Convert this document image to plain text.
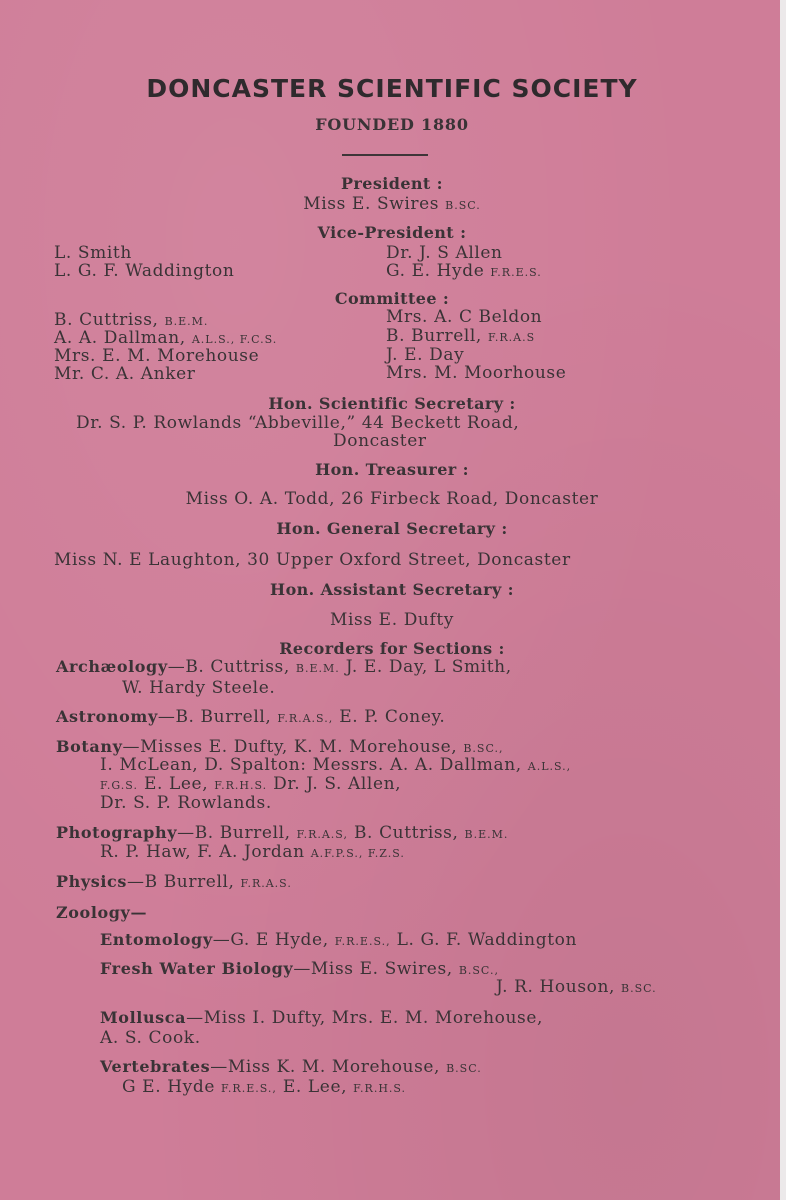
DONCASTER SCIENTIFIC SOCIETY
FOUNDED 1880
President :
Miss E. Swires B.SC.
Vice-President :
L. Smith
L. G. F. Waddington
Dr. J. S Allen
G. E. Hyde F.R.E.S.
Committee :
B. Cuttriss, B.E.M.
A. A. Dallman, A.L.S., F.C.S.
Mrs. E. M. Morehouse
Mr. C. A. Anker
Mrs. A. C Beldon
B. Burrell, F.R.A.S
J. E. Day
Mrs. M. Moorhouse
Hon. Scientific Secretary :
Dr. S. P. Rowlands “Abbeville,” 44 Beckett Road,
Doncaster
Hon. Treasurer :
Miss O. A. Todd, 26 Firbeck Road, Doncaster
Hon. General Secretary :
Miss N. E Laughton, 30 Upper Oxford Street, Doncaster
Hon. Assistant Secretary :
Miss E. Dufty
Recorders for Sections :
Archæology—B. Cuttriss, B.E.M. J. E. Day, L Smith,
W. Hardy Steele.
Astronomy—B. Burrell, F.R.A.S., E. P. Coney.
Botany—Misses E. Dufty, K. M. Morehouse, B.SC.,
I. McLean, D. Spalton: Messrs. A. A. Dallman, A.L.S.,
F.G.S. E. Lee, F.R.H.S. Dr. J. S. Allen,
Dr. S. P. Rowlands.
Photography—B. Burrell, F.R.A.S, B. Cuttriss, B.E.M.
R. P. Haw, F. A. Jordan A.F.P.S., F.Z.S.
Physics—B Burrell, F.R.A.S.
Zoology—
Entomology—G. E Hyde, F.R.E.S., L. G. F. Waddington
Fresh Water Biology—Miss E. Swires, B.SC.,
J. R. Houson, B.SC.
Mollusca—Miss I. Dufty, Mrs. E. M. Morehouse,
A. S. Cook.
Vertebrates—Miss K. M. Morehouse, B.SC.
G E. Hyde F.R.E.S., E. Lee, F.R.H.S.
